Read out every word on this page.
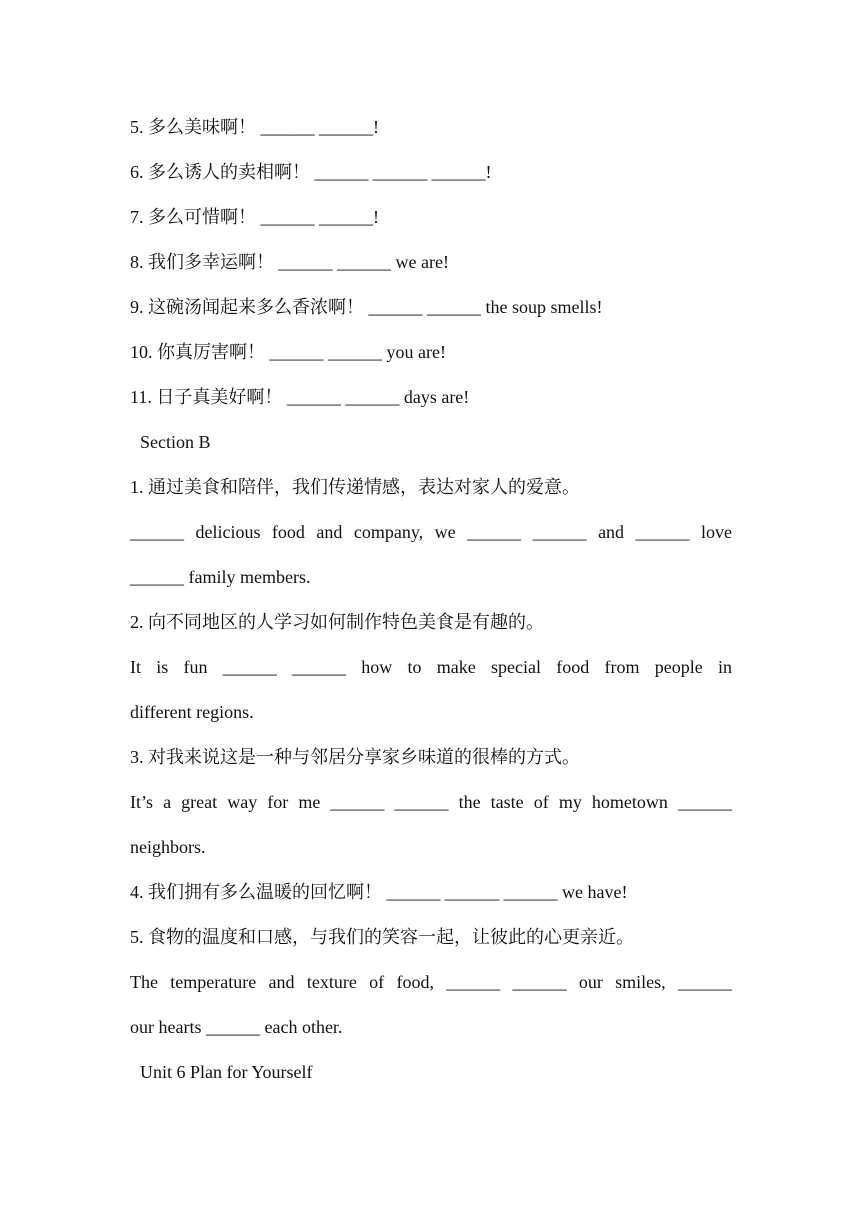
5. 多么美味啊！ ______ ______!
6. 多么诱人的卖相啊！ ______ ______ ______!
7. 多么可惜啊！ ______ ______!
8. 我们多幸运啊！ ______ ______ we are!
9. 这碗汤闻起来多么香浓啊！ ______ ______ the soup smells!
10. 你真厉害啊！ ______ ______ you are!
11. 日子真美好啊！ ______ ______ days are!
Section B
1. 通过美食和陪伴，我们传递情感，表达对家人的爱意。
______ delicious food and company, we ______ ______ and ______ love
______ family members.
2. 向不同地区的人学习如何制作特色美食是有趣的。
It is fun ______ ______ how to make special food from people in
different regions.
3. 对我来说这是一种与邻居分享家乡味道的很棒的方式。
It’s a great way for me ______ ______ the taste of my hometown ______
neighbors.
4. 我们拥有多么温暖的回忆啊！ ______ ______ ______ we have!
5. 食物的温度和口感，与我们的笑容一起，让彼此的心更亲近。
The temperature and texture of food, ______ ______ our smiles, ______
our hearts ______ each other.
Unit 6 Plan for Yourself
